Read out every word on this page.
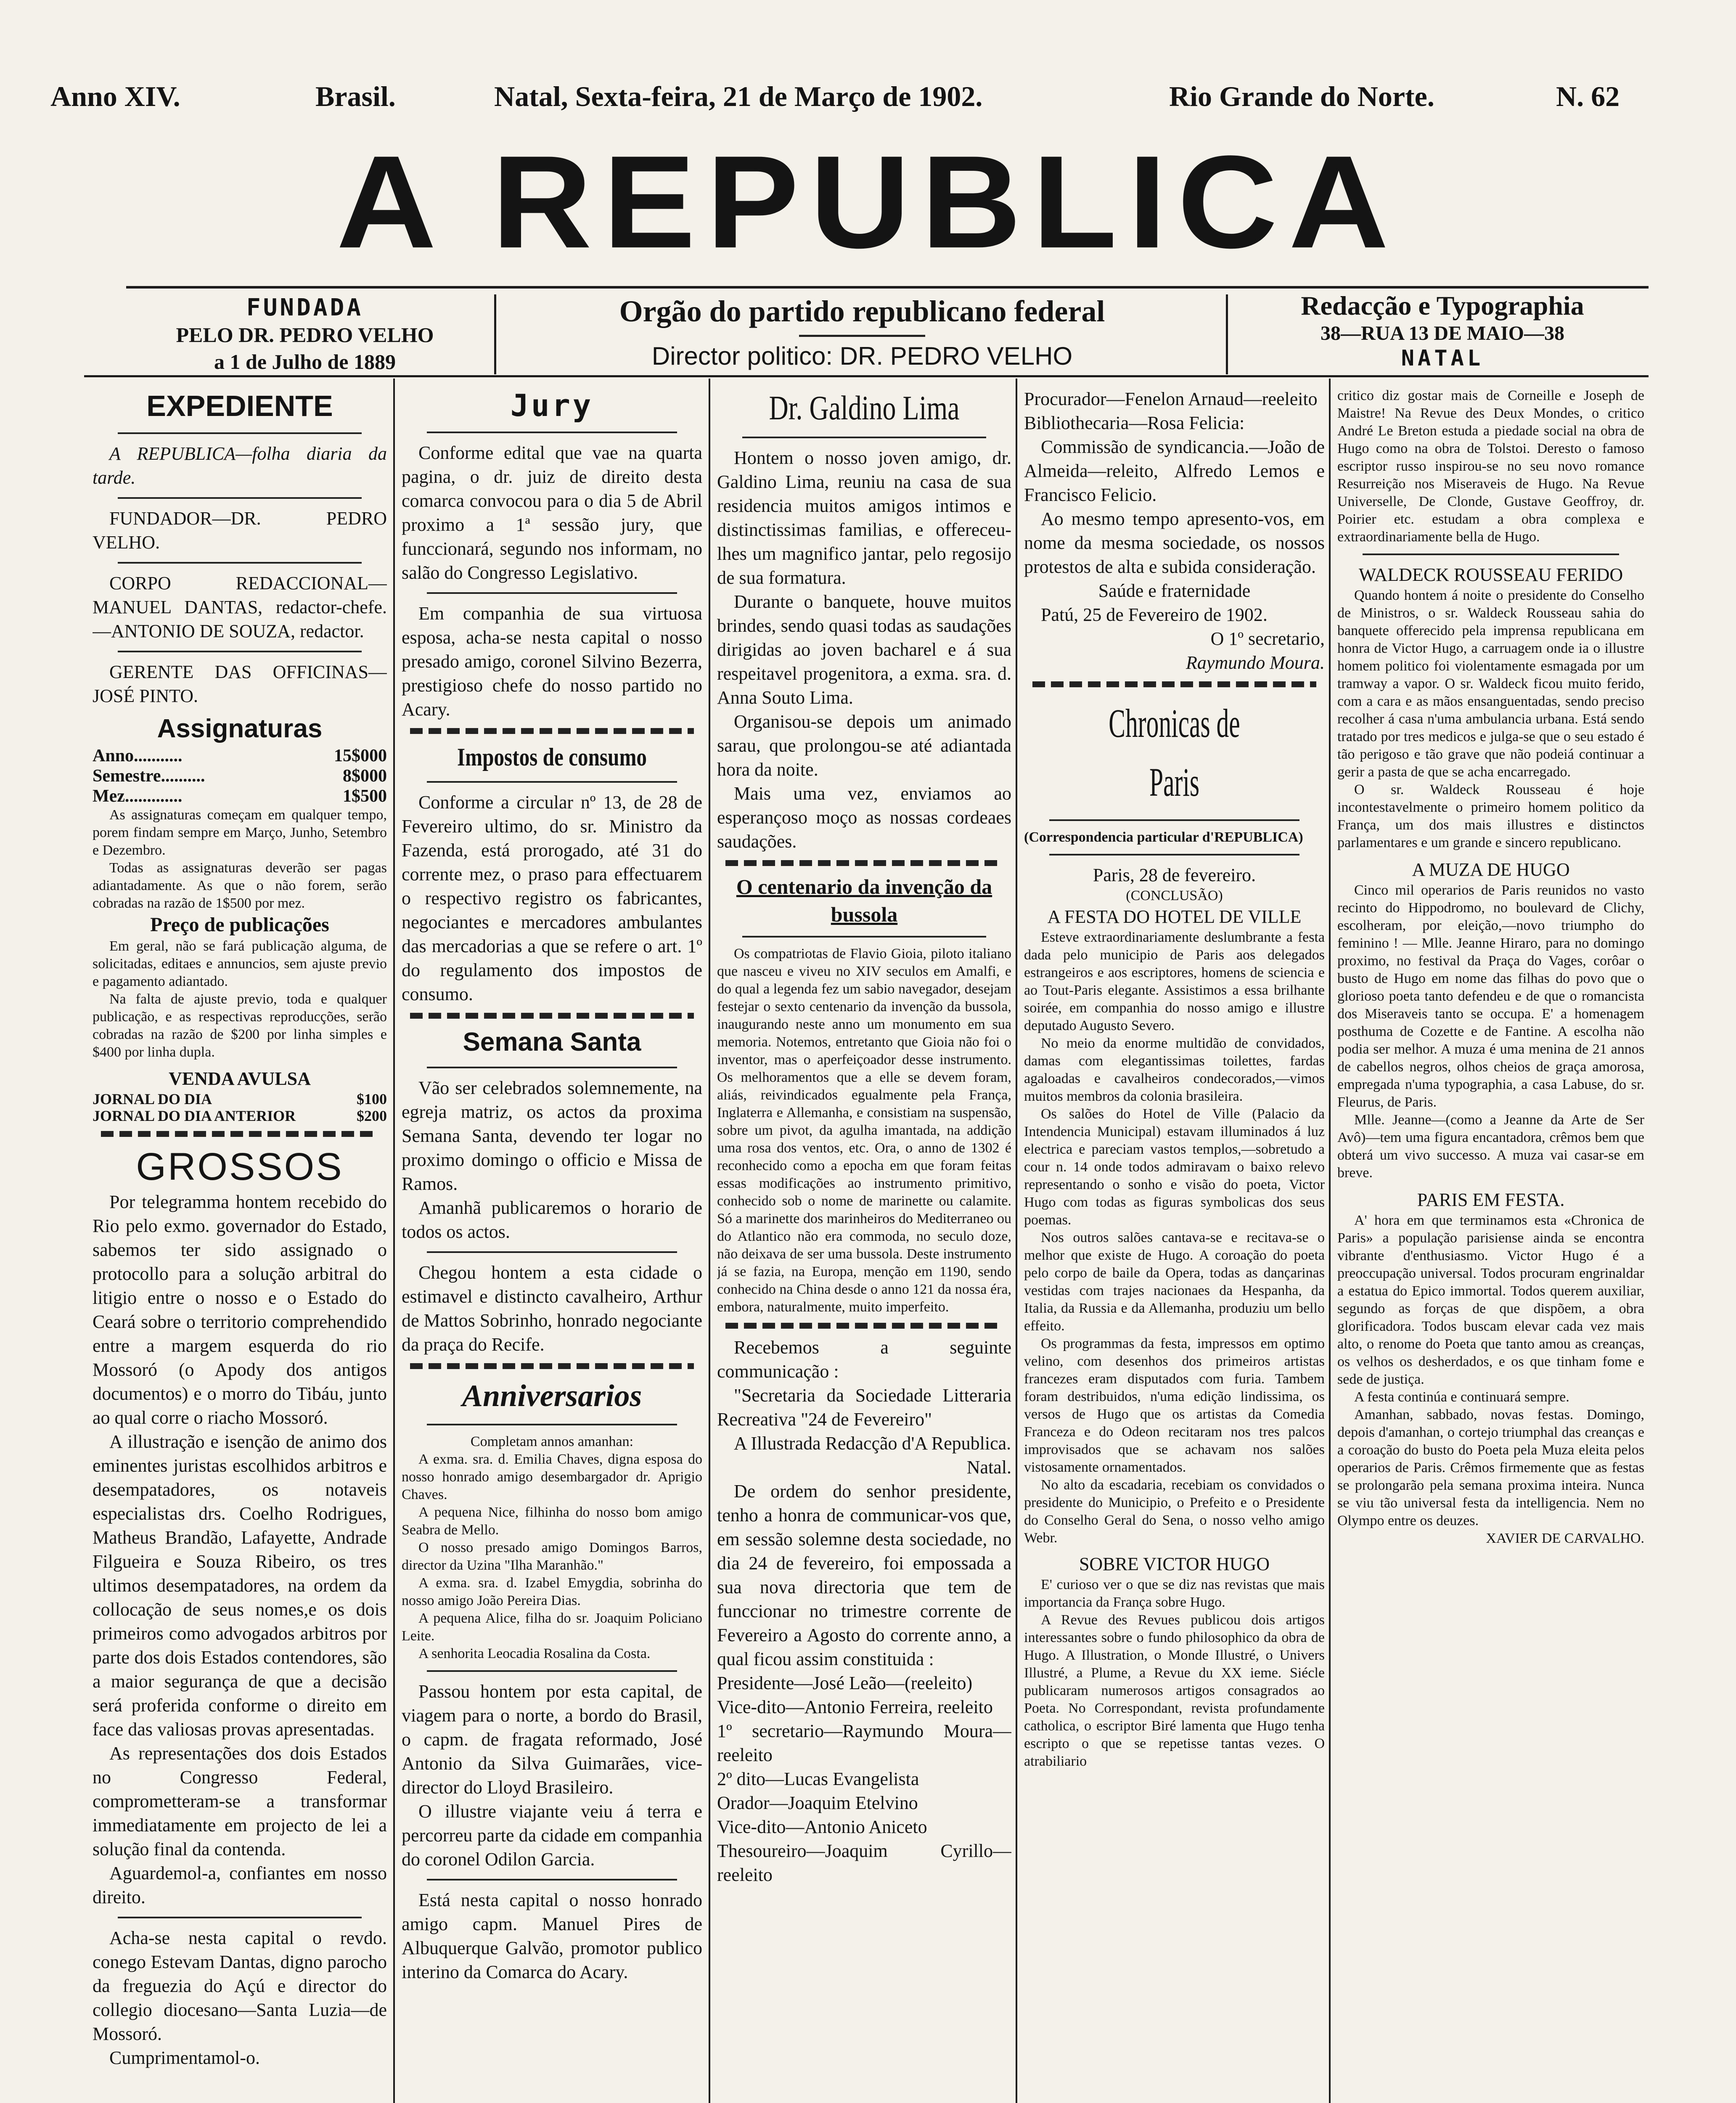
Anno XIV.	Brasil.	Natal, Sexta-feira, 21 de Março de 1902.	Rio Grande do Norte.	N. 62
A REPUBLICA
FUNDADA
PELO DR. PEDRO VELHO
a 1 de Julho de 1889
Orgão do partido republicano federal
Director politico: DR. PEDRO VELHO
Redacção e Typographia
38—RUA 13 DE MAIO—38
NATAL
EXPEDIENTE

A REPUBLICA—folha diaria da tarde.

FUNDADOR—DR. PEDRO VELHO.

CORPO REDACCIONAL—MANUEL DANTAS, redactor-chefe.—ANTONIO DE SOUZA, redactor.

GERENTE DAS OFFICINAS—JOSÉ PINTO.

Assignaturas
Anno...........	15$000
Semestre..........	8$000
Mez.............	1$500

As assignaturas começam em qualquer tempo, porem findam sempre em Março, Junho, Setembro e Dezembro.

Todas as assignaturas deverão ser pagas adiantadamente. As que o não forem, serão cobradas na razão de 1$500 por mez.

Preço de publicações

Em geral, não se fará publicação alguma, de solicitadas, editaes e annuncios, sem ajuste previo e pagamento adiantado.

Na falta de ajuste previo, toda e qualquer publicação, e as respectivas reproducções, serão cobradas na razão de $200 por linha simples e $400 por linha dupla.

VENDA AVULSA
JORNAL DO DIA	$100
JORNAL DO DIA ANTERIOR	$200
GROSSOS

Por telegramma hontem recebido do Rio pelo exmo. governador do Estado, sabemos ter sido assignado o protocollo para a solução arbitral do litigio entre o nosso e o Estado do Ceará sobre o territorio comprehendido entre a margem esquerda do rio Mossoró (o Apody dos antigos documentos) e o morro do Tibáu, junto ao qual corre o riacho Mossoró.

A illustração e isenção de animo dos eminentes juristas escolhidos arbitros e desempatadores, os notaveis especialistas drs. Coelho Rodrigues, Matheus Brandão, Lafayette, Andrade Filgueira e Souza Ribeiro, os tres ultimos desempatadores, na ordem da collocação de seus nomes,e os dois primeiros como advogados arbitros por parte dos dois Estados contendores, são a maior segurança de que a decisão será proferida conforme o direito em face das valiosas provas apresentadas.

As representações dos dois Estados no Congresso Federal, comprometteram-se a transformar immediatamente em projecto de lei a solução final da contenda.

Aguardemol-a, confiantes em nosso direito.

Acha-se nesta capital o revdo. conego Estevam Dantas, digno parocho da freguezia do Açú e director do collegio diocesano—Santa Luzia—de Mossoró.

Cumprimentamol-o.

Jury

Conforme edital que vae na quarta pagina, o dr. juiz de direito desta comarca convocou para o dia 5 de Abril proximo a 1ª sessão jury, que funccionará, segundo nos informam, no salão do Congresso Legislativo.

Em companhia de sua virtuosa esposa, acha-se nesta capital o nosso presado amigo, coronel Silvino Bezerra, prestigioso chefe do nosso partido no Acary.

Impostos de consumo

Conforme a circular nº 13, de 28 de Fevereiro ultimo, do sr. Ministro da Fazenda, está prorogado, até 31 do corrente mez, o praso para effectuarem o respectivo registro os fabricantes, negociantes e mercadores ambulantes das mercadorias a que se refere o art. 1º do regulamento dos impostos de consumo.

Semana Santa

Vão ser celebrados solemnemente, na egreja matriz, os actos da proxima Semana Santa, devendo ter logar no proximo domingo o officio e Missa de Ramos.

Amanhã publicaremos o horario de todos os actos.

Chegou hontem a esta cidade o estimavel e distincto cavalheiro, Arthur de Mattos Sobrinho, honrado negociante da praça do Recife.

Anniversarios

Completam annos amanhan:

A exma. sra. d. Emilia Chaves, digna esposa do nosso honrado amigo desembargador dr. Aprigio Chaves.

A pequena Nice, filhinha do nosso bom amigo Seabra de Mello.

O nosso presado amigo Domingos Barros, director da Uzina "Ilha Maranhão."

A exma. sra. d. Izabel Emygdia, sobrinha do nosso amigo João Pereira Dias.

A pequena Alice, filha do sr. Joaquim Policiano Leite.

A senhorita Leocadia Rosalina da Costa.

Passou hontem por esta capital, de viagem para o norte, a bordo do Brasil, o capm. de fragata reformado, José Antonio da Silva Guimarães, vice-director do Lloyd Brasileiro.

O illustre viajante veiu á terra e percorreu parte da cidade em companhia do coronel Odilon Garcia.

Está nesta capital o nosso honrado amigo capm. Manuel Pires de Albuquerque Galvão, promotor publico interino da Comarca do Acary.

Dr. Galdino Lima

Hontem o nosso joven amigo, dr. Galdino Lima, reuniu na casa de sua residencia muitos amigos intimos e distinctissimas familias, e offereceu-lhes um magnifico jantar, pelo regosijo de sua formatura.

Durante o banquete, houve muitos brindes, sendo quasi todas as saudações dirigidas ao joven bacharel e á sua respeitavel progenitora, a exma. sra. d. Anna Souto Lima.

Organisou-se depois um animado sarau, que prolongou-se até adiantada hora da noite.

Mais uma vez, enviamos ao esperançoso moço as nossas cordeaes saudações.

O centenario da invenção da bussola

Os compatriotas de Flavio Gioia, piloto italiano que nasceu e viveu no XIV seculos em Amalfi, e do qual a legenda fez um sabio navegador, desejam festejar o sexto centenario da invenção da bussola, inaugurando neste anno um monumento em sua memoria. Notemos, entretanto que Gioia não foi o inventor, mas o aperfeiçoador desse instrumento. Os melhoramentos que a elle se devem foram, aliás, reivindicados egualmente pela França, Inglaterra e Allemanha, e consistiam na suspensão, sobre um pivot, da agulha imantada, na addição uma rosa dos ventos, etc. Ora, o anno de 1302 é reconhecido como a epocha em que foram feitas essas modificações ao instrumento primitivo, conhecido sob o nome de marinette ou calamite. Só a marinette dos marinheiros do Mediterraneo ou do Atlantico não era commoda, no seculo doze, não deixava de ser uma bussola. Deste instrumento já se fazia, na Europa, menção em 1190, sendo conhecido na China desde o anno 121 da nossa éra, embora, naturalmente, muito imperfeito.

Recebemos a seguinte communicação :

"Secretaria da Sociedade Litteraria Recreativa "24 de Fevereiro"

A Illustrada Redacção d'A Republica.

Natal.

De ordem do senhor presidente, tenho a honra de communicar-vos que, em sessão solemne desta sociedade, no dia 24 de fevereiro, foi empossada a sua nova directoria que tem de funccionar no trimestre corrente de Fevereiro a Agosto do corrente anno, a qual ficou assim constituida :

Presidente—José Leão—(reeleito)

Vice-dito—Antonio Ferreira, reeleito

1º secretario—Raymundo Moura—reeleito

2º dito—Lucas Evangelista

Orador—Joaquim Etelvino

Vice-dito—Antonio Aniceto

Thesoureiro—Joaquim Cyrillo—reeleito

Procurador—Fenelon Arnaud—reeleito

Bibliothecaria—Rosa Felicia:

Commissão de syndicancia.—João de Almeida—releito, Alfredo Lemos e Francisco Felicio.

Ao mesmo tempo apresento-vos, em nome da mesma sociedade, os nossos protestos de alta e subida consideração.

Saúde e fraternidade

Patú, 25 de Fevereiro de 1902.

O 1º secretario,

Raymundo Moura.

Chronicas de Paris

(Correspondencia particular d'REPUBLICA)

Paris, 28 de fevereiro.

(CONCLUSÃO)

A FESTA DO HOTEL DE VILLE

Esteve extraordinariamente deslumbrante a festa dada pelo municipio de Paris aos delegados estrangeiros e aos escriptores, homens de sciencia e ao Tout-Paris elegante. Assistimos a essa brilhante soirée, em companhia do nosso amigo e illustre deputado Augusto Severo.

No meio da enorme multidão de convidados, damas com elegantissimas toilettes, fardas agaloadas e cavalheiros condecorados,—vimos muitos membros da colonia brasileira.

Os salões do Hotel de Ville (Palacio da Intendencia Municipal) estavam illuminados á luz electrica e pareciam vastos templos,—sobretudo a cour n. 14 onde todos admiravam o baixo relevo representando o sonho e visão do poeta, Victor Hugo com todas as figuras symbolicas dos seus poemas.

Nos outros salões cantava-se e recitava-se o melhor que existe de Hugo. A coroação do poeta pelo corpo de baile da Opera, todas as dançarinas vestidas com trajes nacionaes da Hespanha, da Italia, da Russia e da Allemanha, produziu um bello effeito.

Os programmas da festa, impressos em optimo velino, com desenhos dos primeiros artistas francezes eram disputados com furia. Tambem foram destribuidos, n'uma edição lindissima, os versos de Hugo que os artistas da Comedia Franceza e do Odeon recitaram nos tres palcos improvisados que se achavam nos salões vistosamente ornamentados.

No alto da escadaria, recebiam os convidados o presidente do Municipio, o Prefeito e o Presidente do Conselho Geral do Sena, o nosso velho amigo Webr.

SOBRE VICTOR HUGO

E' curioso ver o que se diz nas revistas que mais importancia da França sobre Hugo.

A Revue des Revues publicou dois artigos interessantes sobre o fundo philosophico da obra de Hugo. A Illustration, o Monde Illustré, o Univers Illustré, a Plume, a Revue du XX ieme. Siécle publicaram numerosos artigos consagrados ao Poeta. No Correspondant, revista profundamente catholica, o escriptor Biré lamenta que Hugo tenha escripto o que se repetisse tantas vezes. O atrabiliario

critico diz gostar mais de Corneille e Joseph de Maistre! Na Revue des Deux Mondes, o critico André Le Breton estuda a piedade social na obra de Hugo como na obra de Tolstoi. Deresto o famoso escriptor russo inspirou-se no seu novo romance Resurreição nos Miseraveis de Hugo. Na Revue Universelle, De Clonde, Gustave Geoffroy, dr. Poirier etc. estudam a obra complexa e extraordinariamente bella de Hugo.

WALDECK ROUSSEAU FERIDO

Quando hontem á noite o presidente do Conselho de Ministros, o sr. Waldeck Rousseau sahia do banquete offerecido pela imprensa republicana em honra de Victor Hugo, a carruagem onde ia o illustre homem politico foi violentamente esmagada por um tramway a vapor. O sr. Waldeck ficou muito ferido, com a cara e as mãos ensanguentadas, sendo preciso recolher á casa n'uma ambulancia urbana. Está sendo tratado por tres medicos e julga-se que o seu estado é tão perigoso e tão grave que não podeiá continuar a gerir a pasta de que se acha encarregado.

O sr. Waldeck Rousseau é hoje incontestavelmente o primeiro homem politico da França, um dos mais illustres e distinctos parlamentares e um grande e sincero republicano.

A MUZA DE HUGO

Cinco mil operarios de Paris reunidos no vasto recinto do Hippodromo, no boulevard de Clichy, escolheram, por eleição,—novo triumpho do feminino ! — Mlle. Jeanne Hiraro, para no domingo proximo, no festival da Praça do Vages, corôar o busto de Hugo em nome das filhas do povo que o glorioso poeta tanto defendeu e de que o romancista dos Miseraveis tanto se occupa. E' a homenagem posthuma de Cozette e de Fantine. A escolha não podia ser melhor. A muza é uma menina de 21 annos de cabellos negros, olhos cheios de graça amorosa, empregada n'uma typographia, a casa Labuse, do sr. Fleurus, de Paris.

Mlle. Jeanne—(como a Jeanne da Arte de Ser Avô)—tem uma figura encantadora, crêmos bem que obterá um vivo successo. A muza vai casar-se em breve.

PARIS EM FESTA.

A' hora em que terminamos esta «Chronica de Paris» a população parisiense ainda se encontra vibrante d'enthusiasmo. Victor Hugo é a preoccupação universal. Todos procuram engrinaldar a estatua do Epico immortal. Todos querem auxiliar, segundo as forças de que dispõem, a obra glorificadora. Todos buscam elevar cada vez mais alto, o renome do Poeta que tanto amou as creanças, os velhos os desherdados, e os que tinham fome e sede de justiça.

A festa continúa e continuará sempre.

Amanhan, sabbado, novas festas. Domingo, depois d'amanhan, o cortejo triumphal das creanças e a coroação do busto do Poeta pela Muza eleita pelos operarios de Paris. Crêmos firmemente que as festas se prolongarão pela semana proxima inteira. Nunca se viu tão universal festa da intelligencia. Nem no Olympo entre os deuzes.

XAVIER DE CARVALHO.
